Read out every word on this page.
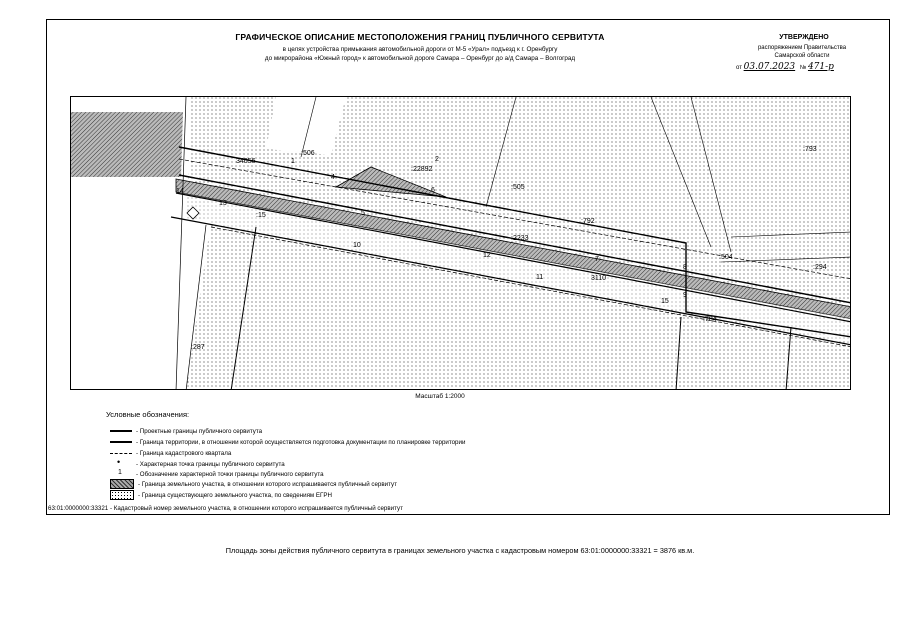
ГРАФИЧЕСКОЕ ОПИСАНИЕ МЕСТОПОЛОЖЕНИЯ ГРАНИЦ ПУБЛИЧНОГО СЕРВИТУТА
в целях устройства примыкания автомобильной дороги от М-5 «Урал» подъезд к г. Оренбургу
до микрорайона «Южный город» к автомобильной дороге Самара – Оренбург до а/д Самара – Волгоград
УТВЕРЖДЕНО
распоряжением Правительства
Самарской области
от 03.07.2023 № 471-р
:506
34056
:22892
:505
:792
:793
:15
:2233
:504
:294
3110
:784
:287
14
13
12
7
1	2
4
5
6
8
9
10
11
15
Масштаб 1:2000
Условные обозначения:
- Проектные границы публичного сервитута
- Граница территории, в отношении которой осуществляется подготовка документации по планировке территории
- Граница кадастрового квартала
•
- Характерная точка границы публичного сервитута
1
- Обозначение характерной точки границы публичного сервитута
- Граница земельного участка, в отношении которого испрашивается публичный сервитут
- Граница существующего земельного участка, по сведениям ЕГРН
63:01:0000000:33321 - Кадастровый номер земельного участка, в отношении которого испрашивается публичный сервитут
Площадь зоны действия публичного сервитута в границах земельного участка с кадастровым номером 63:01:0000000:33321 = 3876 кв.м.
